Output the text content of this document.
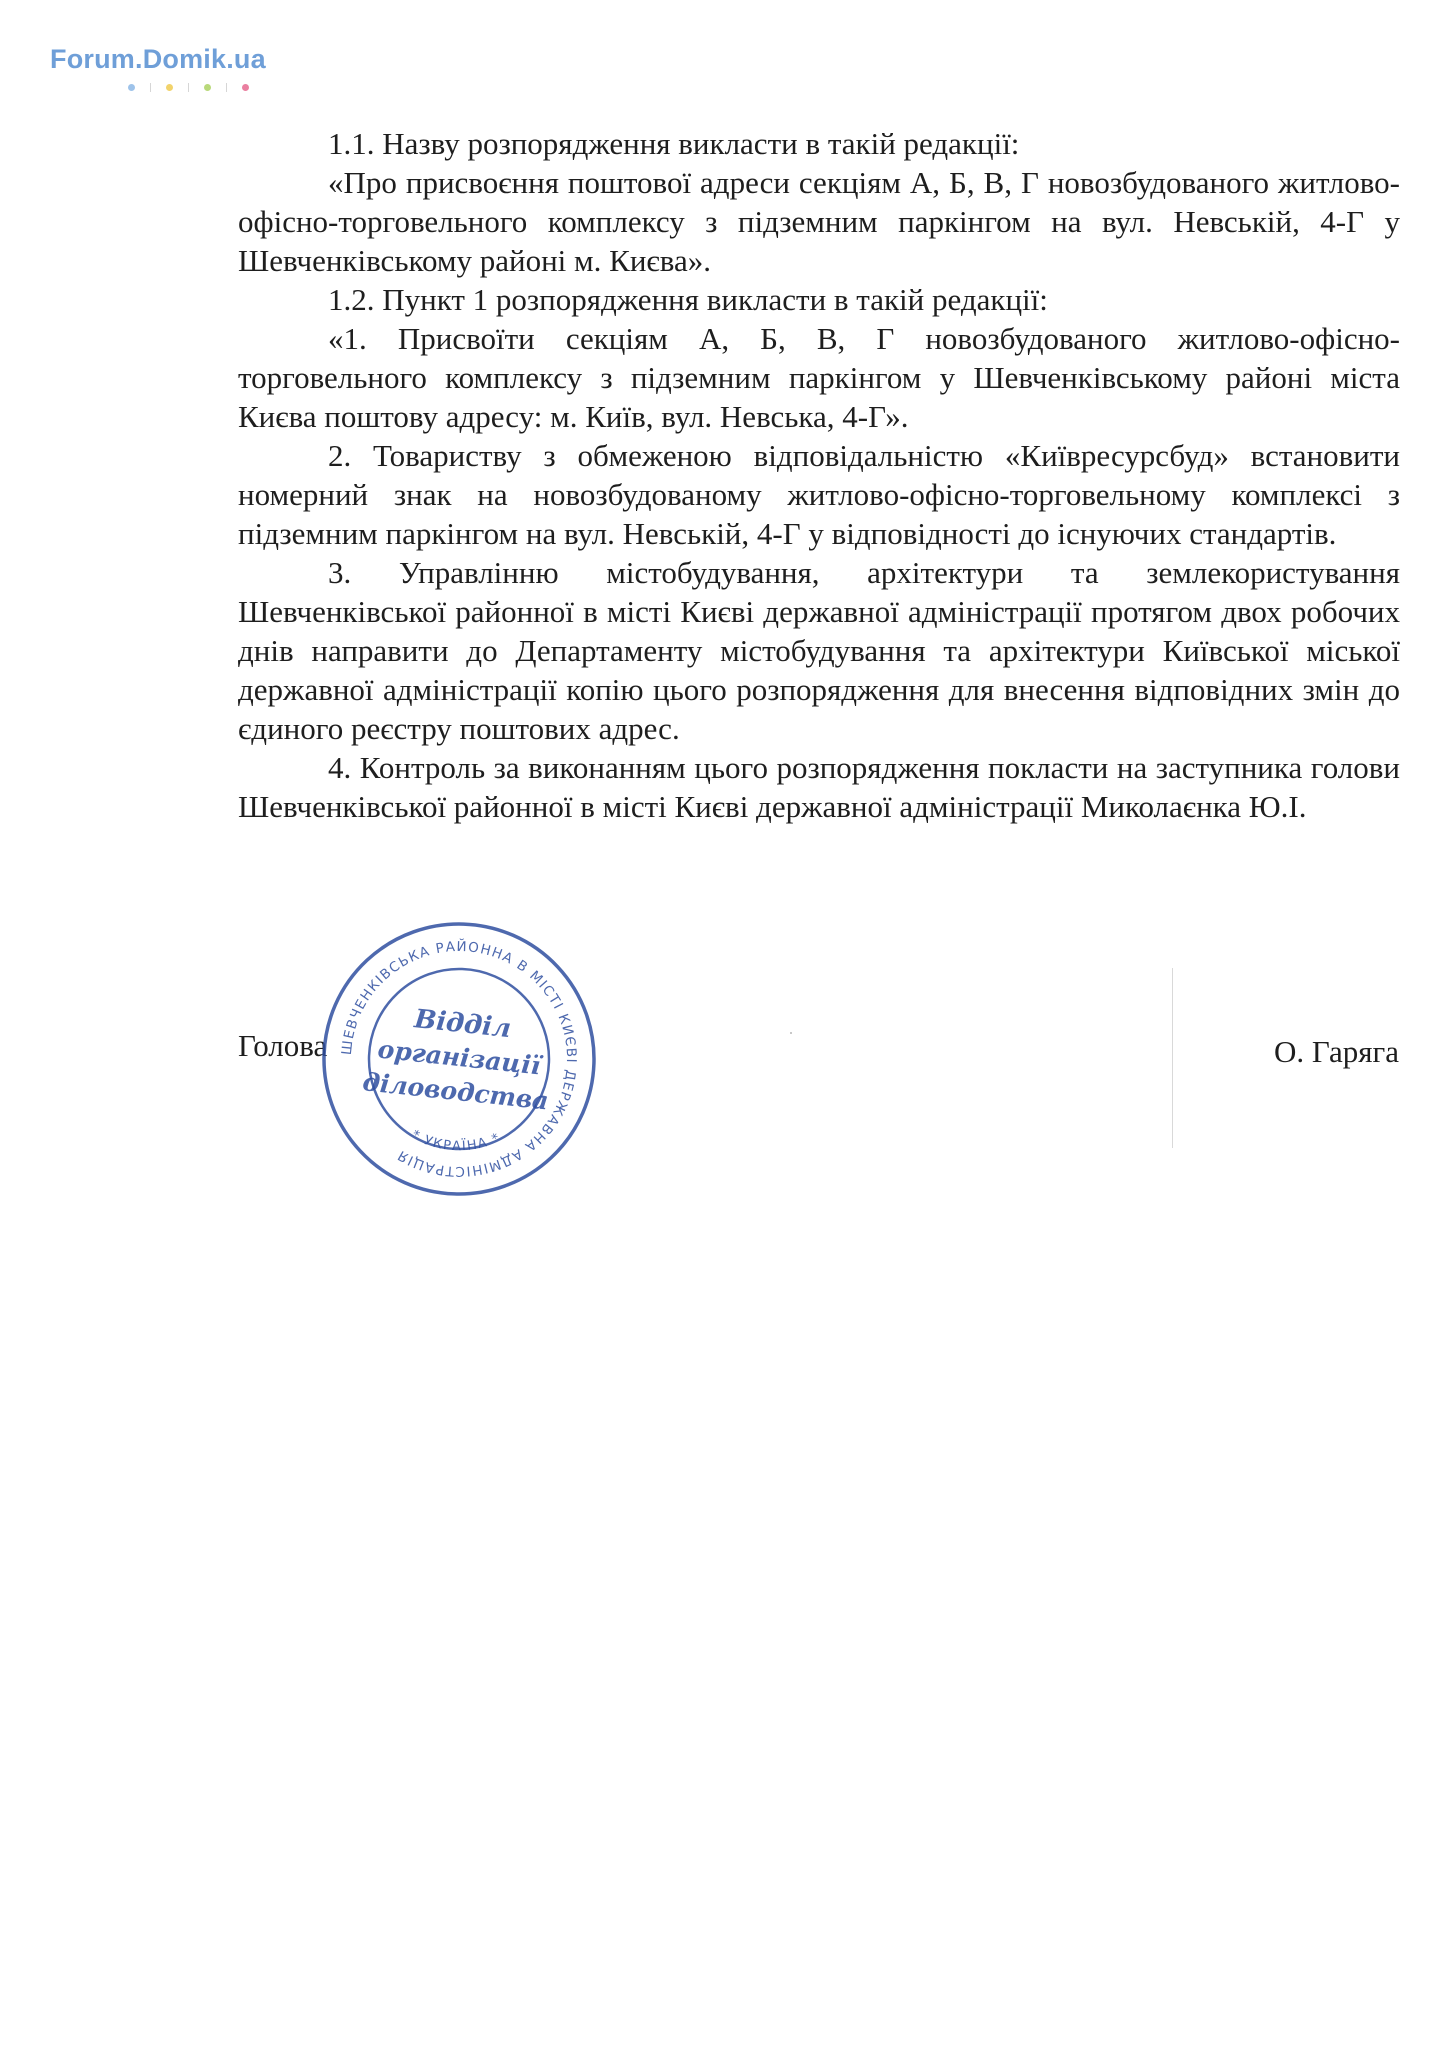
Forum.Domik.ua

1.1. Назву розпорядження викласти в такій редакції:

«Про присвоєння поштової адреси секціям А, Б, В, Г новозбудованого житлово-офісно-торговельного комплексу з підземним паркінгом на вул. Невській, 4-Г у Шевченківському районі м. Києва».

1.2. Пункт 1 розпорядження викласти в такій редакції:

«1. Присвоїти секціям А, Б, В, Г новозбудованого житлово-офісно-торговельного комплексу з підземним паркінгом у Шевченківському районі міста Києва поштову адресу: м. Київ, вул. Невська, 4-Г».

2. Товариству з обмеженою відповідальністю «Київресурсбуд» встановити номерний знак на новозбудованому житлово-офісно-торговельному комплексі з підземним паркінгом на вул. Невській, 4-Г у відповідності до існуючих стандартів.

3. Управлінню містобудування, архітектури та землекористування Шевченківської районної в місті Києві державної адміністрації протягом двох робочих днів направити до Департаменту містобудування та архітектури Київської міської державної адміністрації копію цього розпорядження для внесення відповідних змін до єдиного реєстру поштових адрес.

4. Контроль за виконанням цього розпорядження покласти на заступника голови Шевченківської районної в місті Києві державної адміністрації Миколаєнка Ю.І.

Голова	О. Гаряга
ШЕВЧЕНКІВСЬКА РАЙОННА В МІСТІ КИЄВІ ДЕРЖАВНА АДМІНІСТРАЦІЯ
* УКРАЇНА *
Відділ
організації
діловодства
